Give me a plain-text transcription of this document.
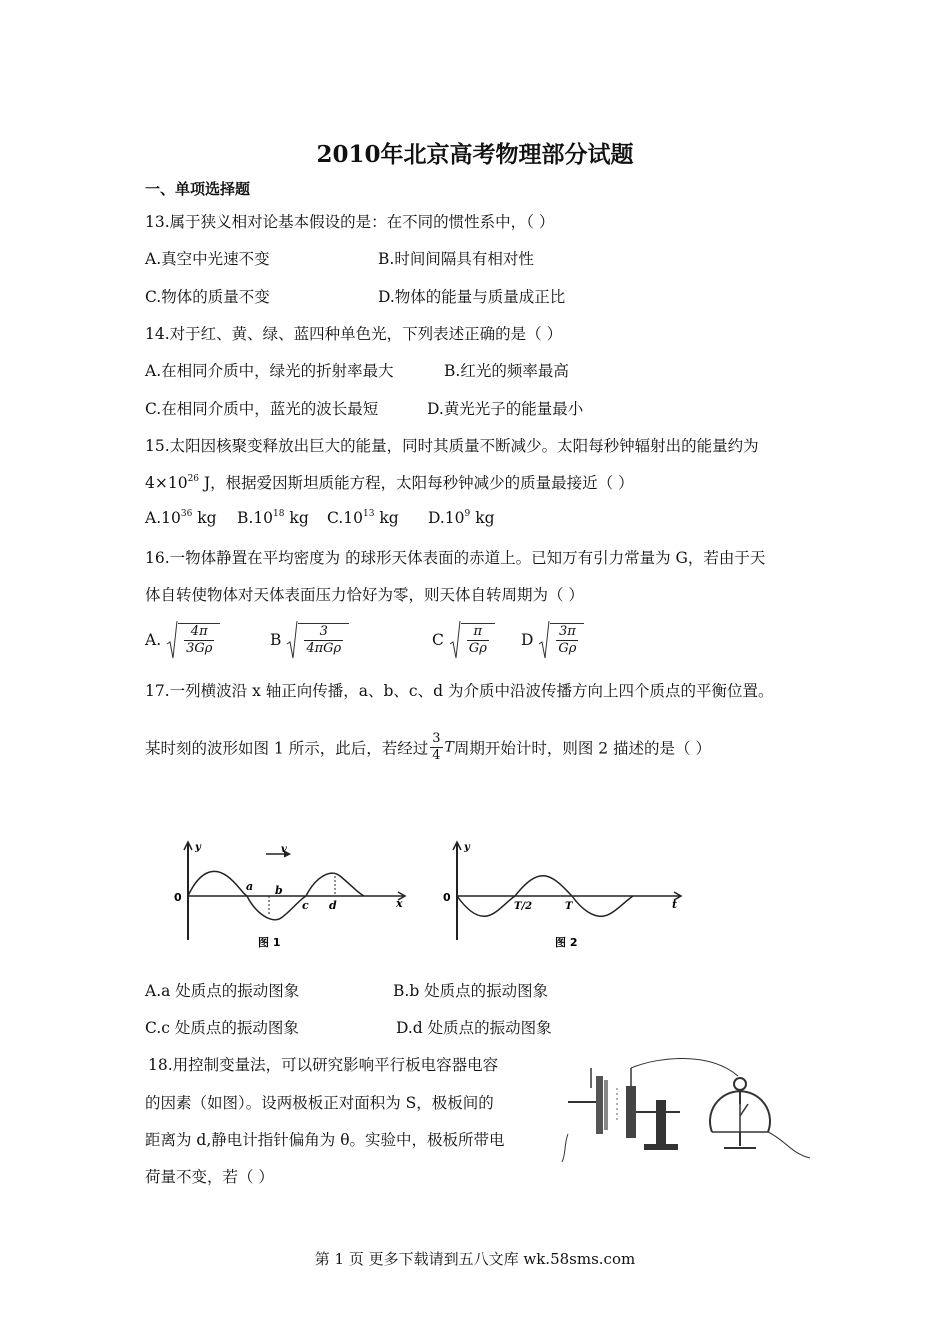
2010年北京高考物理部分试题
一、单项选择题
13.属于狭义相对论基本假设的是：在不同的惯性系中，（ ）
A.真空中光速不变	B.时间间隔具有相对性
C.物体的质量不变	D.物体的能量与质量成正比
14.对于红、黄、绿、蓝四种单色光，下列表述正确的是（ ）
A.在相同介质中，绿光的折射率最大	B.红光的频率最高
C.在相同介质中，蓝光的波长最短	D.黄光光子的能量最小
15.太阳因核聚变释放出巨大的能量，同时其质量不断减少。太阳每秒钟辐射出的能量约为
$4\times 10^{26}$ J，根据爱因斯坦质能方程，太阳每秒钟减少的质量最接近（ ）
$A.10^{36}$ kg $B.10^{18}$ kg $C.10^{13}$ kg $D.10^9$ kg
16.一物体静置在平均密度为 的球形天体表面的赤道上。已知万有引力常量为 G，若由于天
体自转使物体对天体表面压力恰好为零，则天体自转周期为（ ）
A. $\frac{4\pi}{3G\rho}$	B $\frac{3}{\text{4πGρ}}$	C $\frac{\pi}{G\rho}$ D $\frac{3\pi}{G\rho}$
17.一列横波沿 x 轴正向传播，a、b、c、d 为介质中沿波传播方向上四个质点的平衡位置。
某时刻的波形如图 1 所示，此后，若经过 $\frac{3}{4}$ T周期开始计时，则图 2 描述的是（ ）
0
y	v
a b
c d	x
图 1
0
y
T/2	T	t
图 2
A.a 处质点的振动图象	B.b 处质点的振动图象
C.c 处质点的振动图象	D.d 处质点的振动图象
18.用控制变量法，可以研究影响平行板电容器电容
的因素（如图）。设两极板正对面积为 S，极板间的
距离为 d,静电计指针偏角为 θ。实验中，极板所带电
荷量不变，若（ ）
第 1 页 更多下载请到五八文库 wk.58sms.com
